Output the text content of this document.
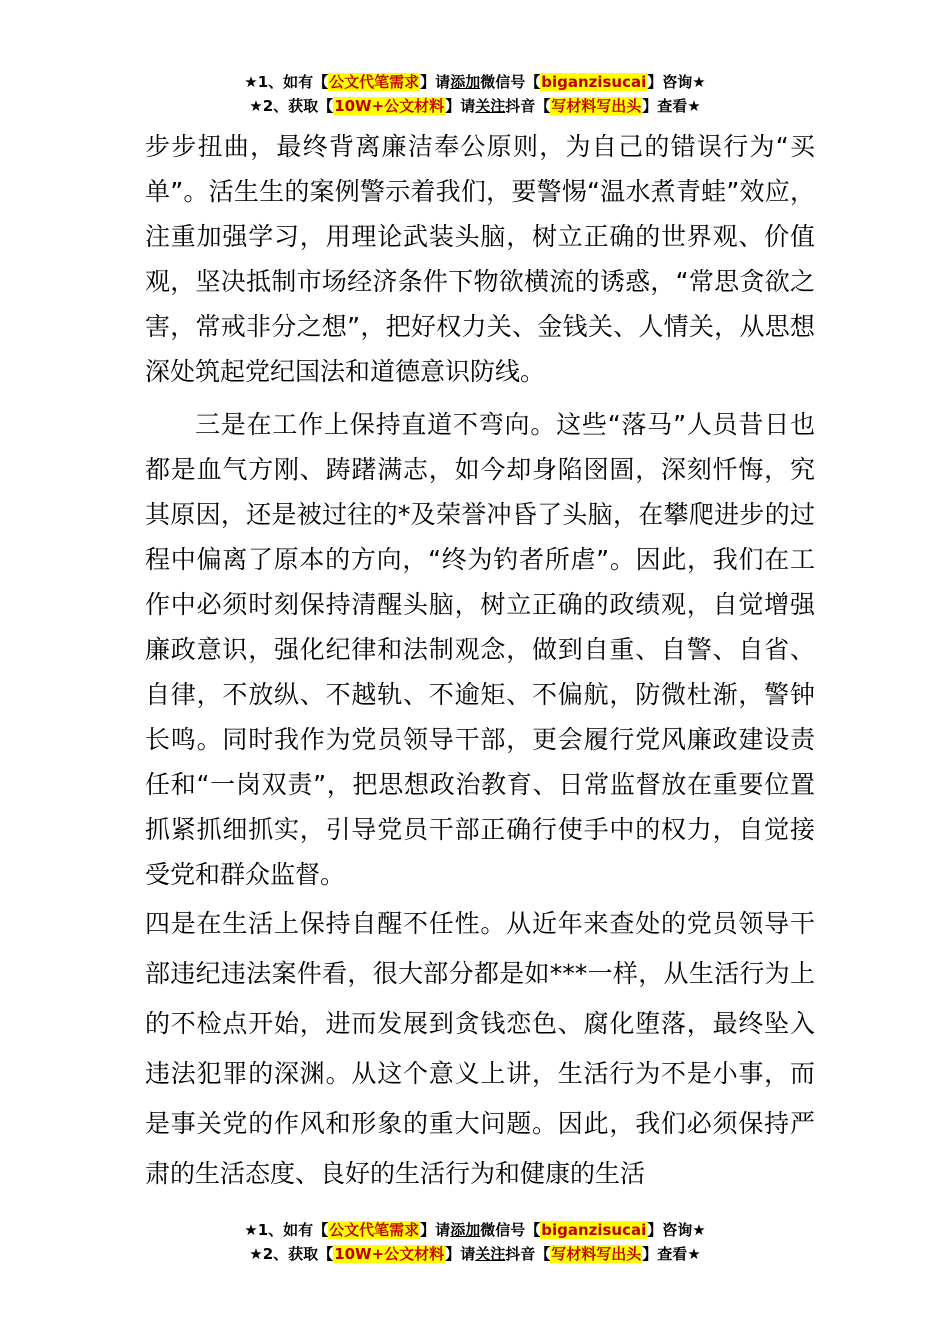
★1、如有【公文代笔需求】请添加微信号【biganzisucai】咨询★
★2、获取【10W+公文材料】请关注抖音【写材料写出头】查看★

步步扭曲，最终背离廉洁奉公原则，为自己的错误行为“买单”。活生生的案例警示着我们，要警惕“温水煮青蛙”效应，注重加强学习，用理论武装头脑，树立正确的世界观、价值观，坚决抵制市场经济条件下物欲横流的诱惑，“常思贪欲之害，常戒非分之想”，把好权力关、金钱关、人情关，从思想深处筑起党纪国法和道德意识防线。

三是在工作上保持直道不弯向。这些“落马”人员昔日也都是血气方刚、踌躇满志，如今却身陷囹圄，深刻忏悔，究其原因，还是被过往的*及荣誉冲昏了头脑，在攀爬进步的过程中偏离了原本的方向，“终为钓者所虐”。因此，我们在工作中必须时刻保持清醒头脑，树立正确的政绩观，自觉增强廉政意识，强化纪律和法制观念，做到自重、自警、自省、自律，不放纵、不越轨、不逾矩、不偏航，防微杜渐，警钟长鸣。同时我作为党员领导干部，更会履行党风廉政建设责任和“一岗双责”，把思想政治教育、日常监督放在重要位置抓紧抓细抓实，引导党员干部正确行使手中的权力，自觉接受党和群众监督。

四是在生活上保持自醒不任性。从近年来查处的党员领导干部违纪违法案件看，很大部分都是如***一样，从生活行为上的不检点开始，进而发展到贪钱恋色、腐化堕落，最终坠入违法犯罪的深渊。从这个意义上讲，生活行为不是小事，而是事关党的作风和形象的重大问题。因此，我们必须保持严肃的生活态度、良好的生活行为和健康的生活

★1、如有【公文代笔需求】请添加微信号【biganzisucai】咨询★
★2、获取【10W+公文材料】请关注抖音【写材料写出头】查看★
